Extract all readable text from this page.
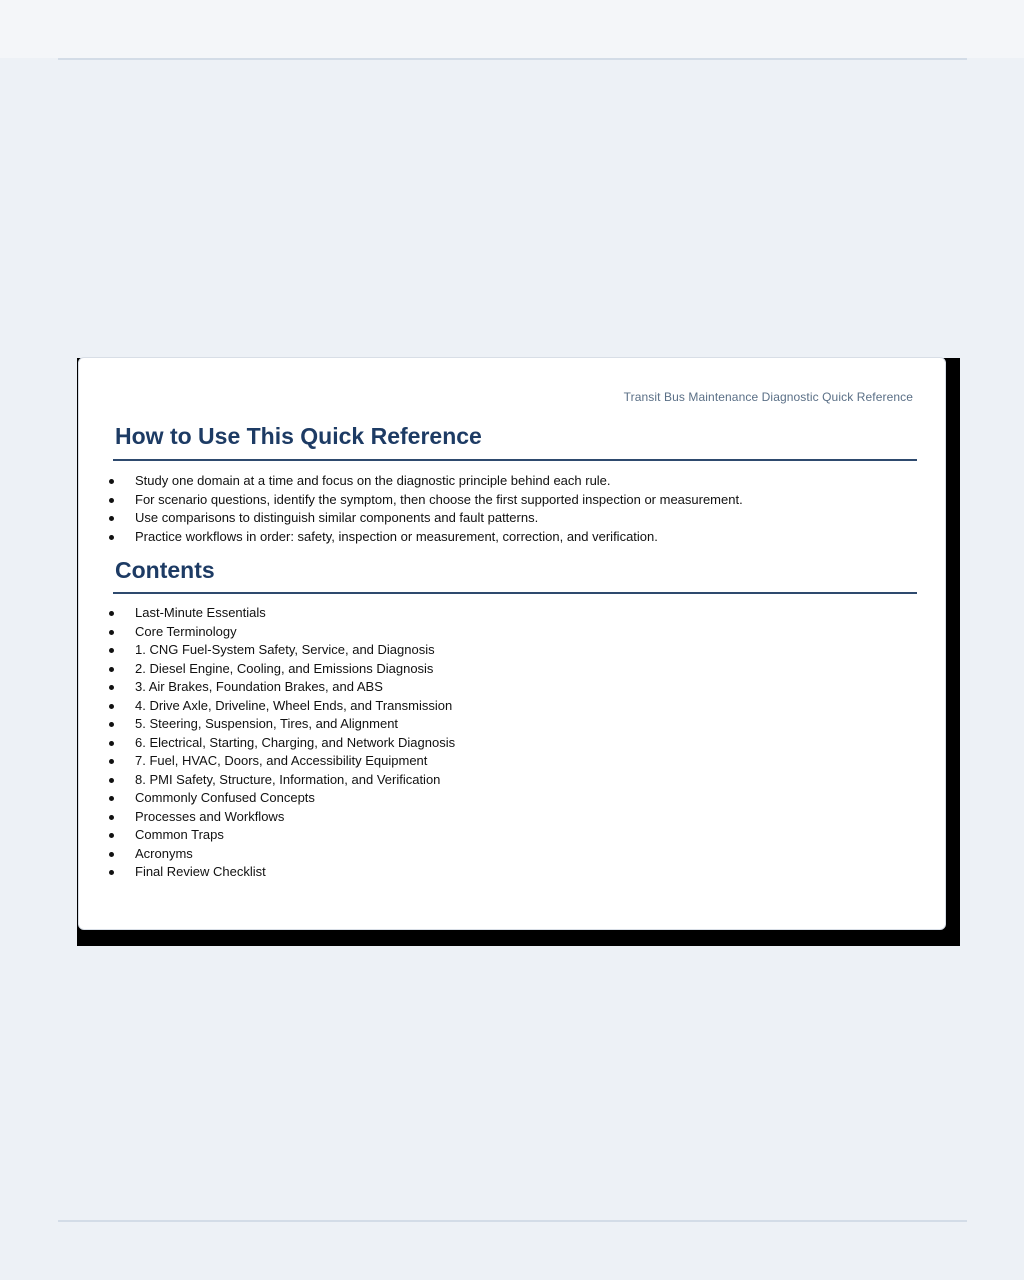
Transit Bus Maintenance Diagnostic Quick Reference
How to Use This Quick Reference
Study one domain at a time and focus on the diagnostic principle behind each rule.
For scenario questions, identify the symptom, then choose the first supported inspection or measurement.
Use comparisons to distinguish similar components and fault patterns.
Practice workflows in order: safety, inspection or measurement, correction, and verification.
Contents
Last-Minute Essentials
Core Terminology
1. CNG Fuel-System Safety, Service, and Diagnosis
2. Diesel Engine, Cooling, and Emissions Diagnosis
3. Air Brakes, Foundation Brakes, and ABS
4. Drive Axle, Driveline, Wheel Ends, and Transmission
5. Steering, Suspension, Tires, and Alignment
6. Electrical, Starting, Charging, and Network Diagnosis
7. Fuel, HVAC, Doors, and Accessibility Equipment
8. PMI Safety, Structure, Information, and Verification
Commonly Confused Concepts
Processes and Workflows
Common Traps
Acronyms
Final Review Checklist
